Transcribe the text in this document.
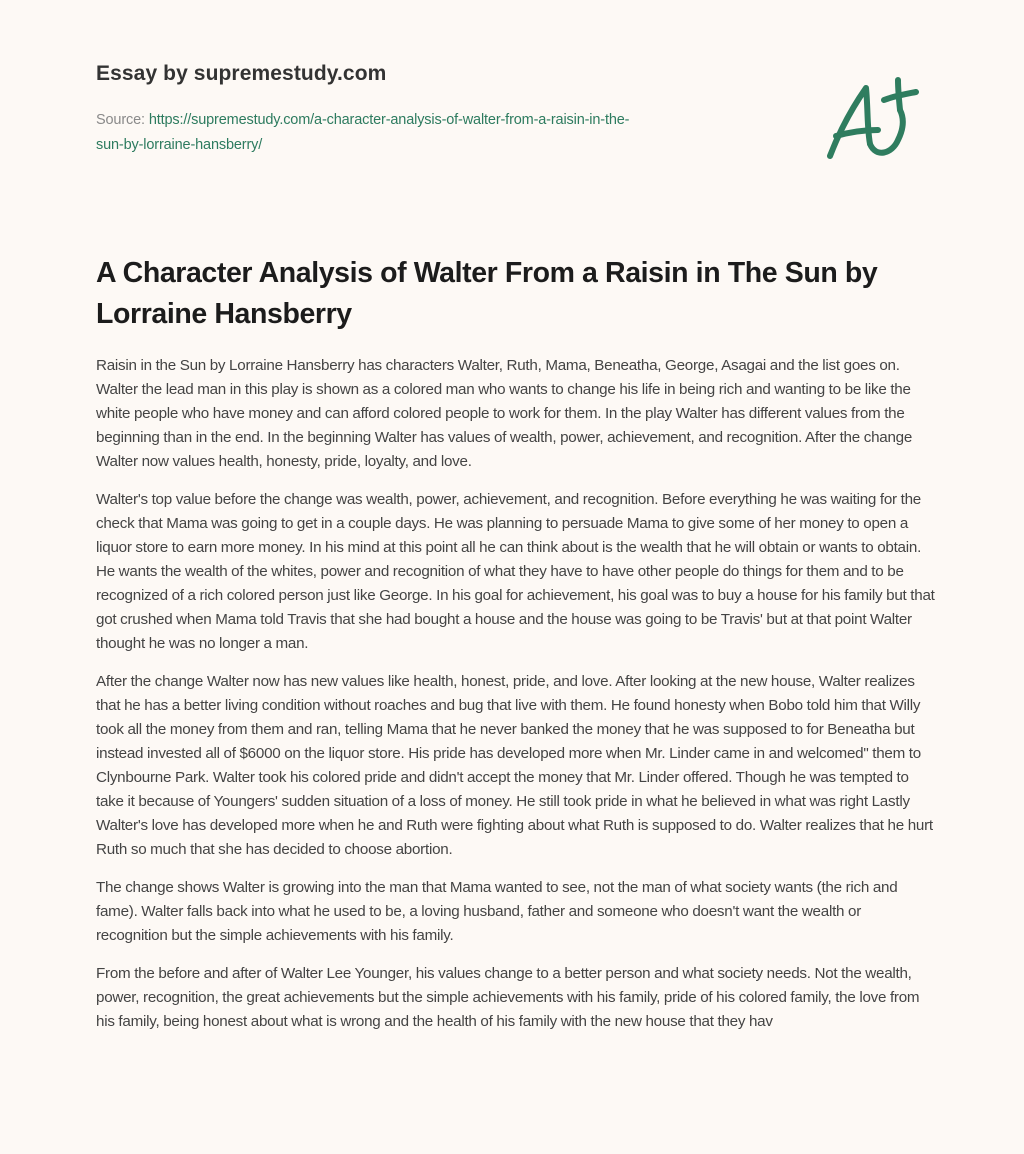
Essay by supremestudy.com
Source: https://supremestudy.com/a-character-analysis-of-walter-from-a-raisin-in-the-
sun-by-lorraine-hansberry/
A Character Analysis of Walter From a Raisin in The Sun by Lorraine Hansberry

Raisin in the Sun by Lorraine Hansberry has characters Walter, Ruth, Mama, Beneatha, George, Asagai and the list goes on. Walter the lead man in this play is shown as a colored man who wants to change his life in being rich and wanting to be like the white people who have money and can afford colored people to work for them. In the play Walter has different values from the beginning than in the end. In the beginning Walter has values of wealth, power, achievement, and recognition. After the change Walter now values health, honesty, pride, loyalty, and love.

Walter's top value before the change was wealth, power, achievement, and recognition. Before everything he was waiting for the check that Mama was going to get in a couple days. He was planning to persuade Mama to give some of her money to open a liquor store to earn more money. In his mind at this point all he can think about is the wealth that he will obtain or wants to obtain. He wants the wealth of the whites, power and recognition of what they have to have other people do things for them and to be recognized of a rich colored person just like George. In his goal for achievement, his goal was to buy a house for his family but that got crushed when Mama told Travis that she had bought a house and the house was going to be Travis' but at that point Walter thought he was no longer a man.

After the change Walter now has new values like health, honest, pride, and love. After looking at the new house, Walter realizes that he has a better living condition without roaches and bug that live with them. He found honesty when Bobo told him that Willy took all the money from them and ran, telling Mama that he never banked the money that he was supposed to for Beneatha but instead invested all of $6000 on the liquor store. His pride has developed more when Mr. Linder came in and welcomed" them to Clynbourne Park. Walter took his colored pride and didn't accept the money that Mr. Linder offered. Though he was tempted to take it because of Youngers' sudden situation of a loss of money. He still took pride in what he believed in what was right Lastly Walter's love has developed more when he and Ruth were fighting about what Ruth is supposed to do. Walter realizes that he hurt Ruth so much that she has decided to choose abortion.

The change shows Walter is growing into the man that Mama wanted to see, not the man of what society wants (the rich and fame). Walter falls back into what he used to be, a loving husband, father and someone who doesn't want the wealth or recognition but the simple achievements with his family.

From the before and after of Walter Lee Younger, his values change to a better person and what society needs. Not the wealth, power, recognition, the great achievements but the simple achievements with his family, pride of his colored family, the love from his family, being honest about what is wrong and the health of his family with the new house that they hav
